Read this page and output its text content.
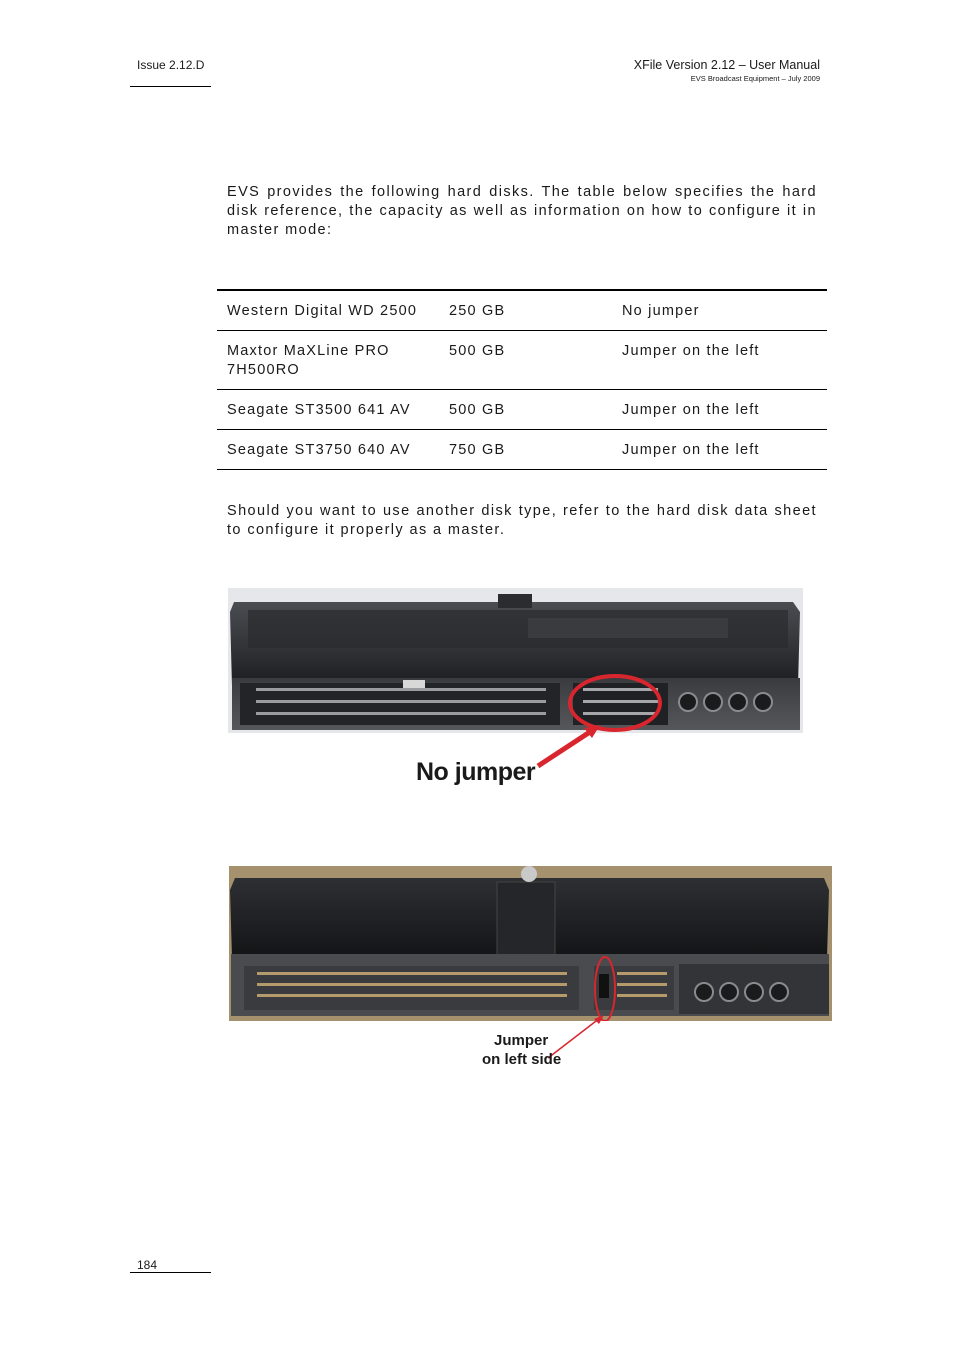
Issue 2.12.D	XFile Version 2.12 – User Manual
EVS Broadcast Equipment – July 2009
EVS provides the following hard disks. The table below specifies the hard disk reference, the capacity as well as information on how to configure it in master mode:
Western Digital WD 2500	250 GB	No jumper
Maxtor MaXLine PRO 7H500RO	500 GB	Jumper on the left
Seagate ST3500 641 AV	500 GB	Jumper on the left
Seagate ST3750 640 AV	750 GB	Jumper on the left
Should you want to use another disk type, refer to the hard disk data sheet to configure it properly as a master.
No jumper
Jumper
on left side
184
